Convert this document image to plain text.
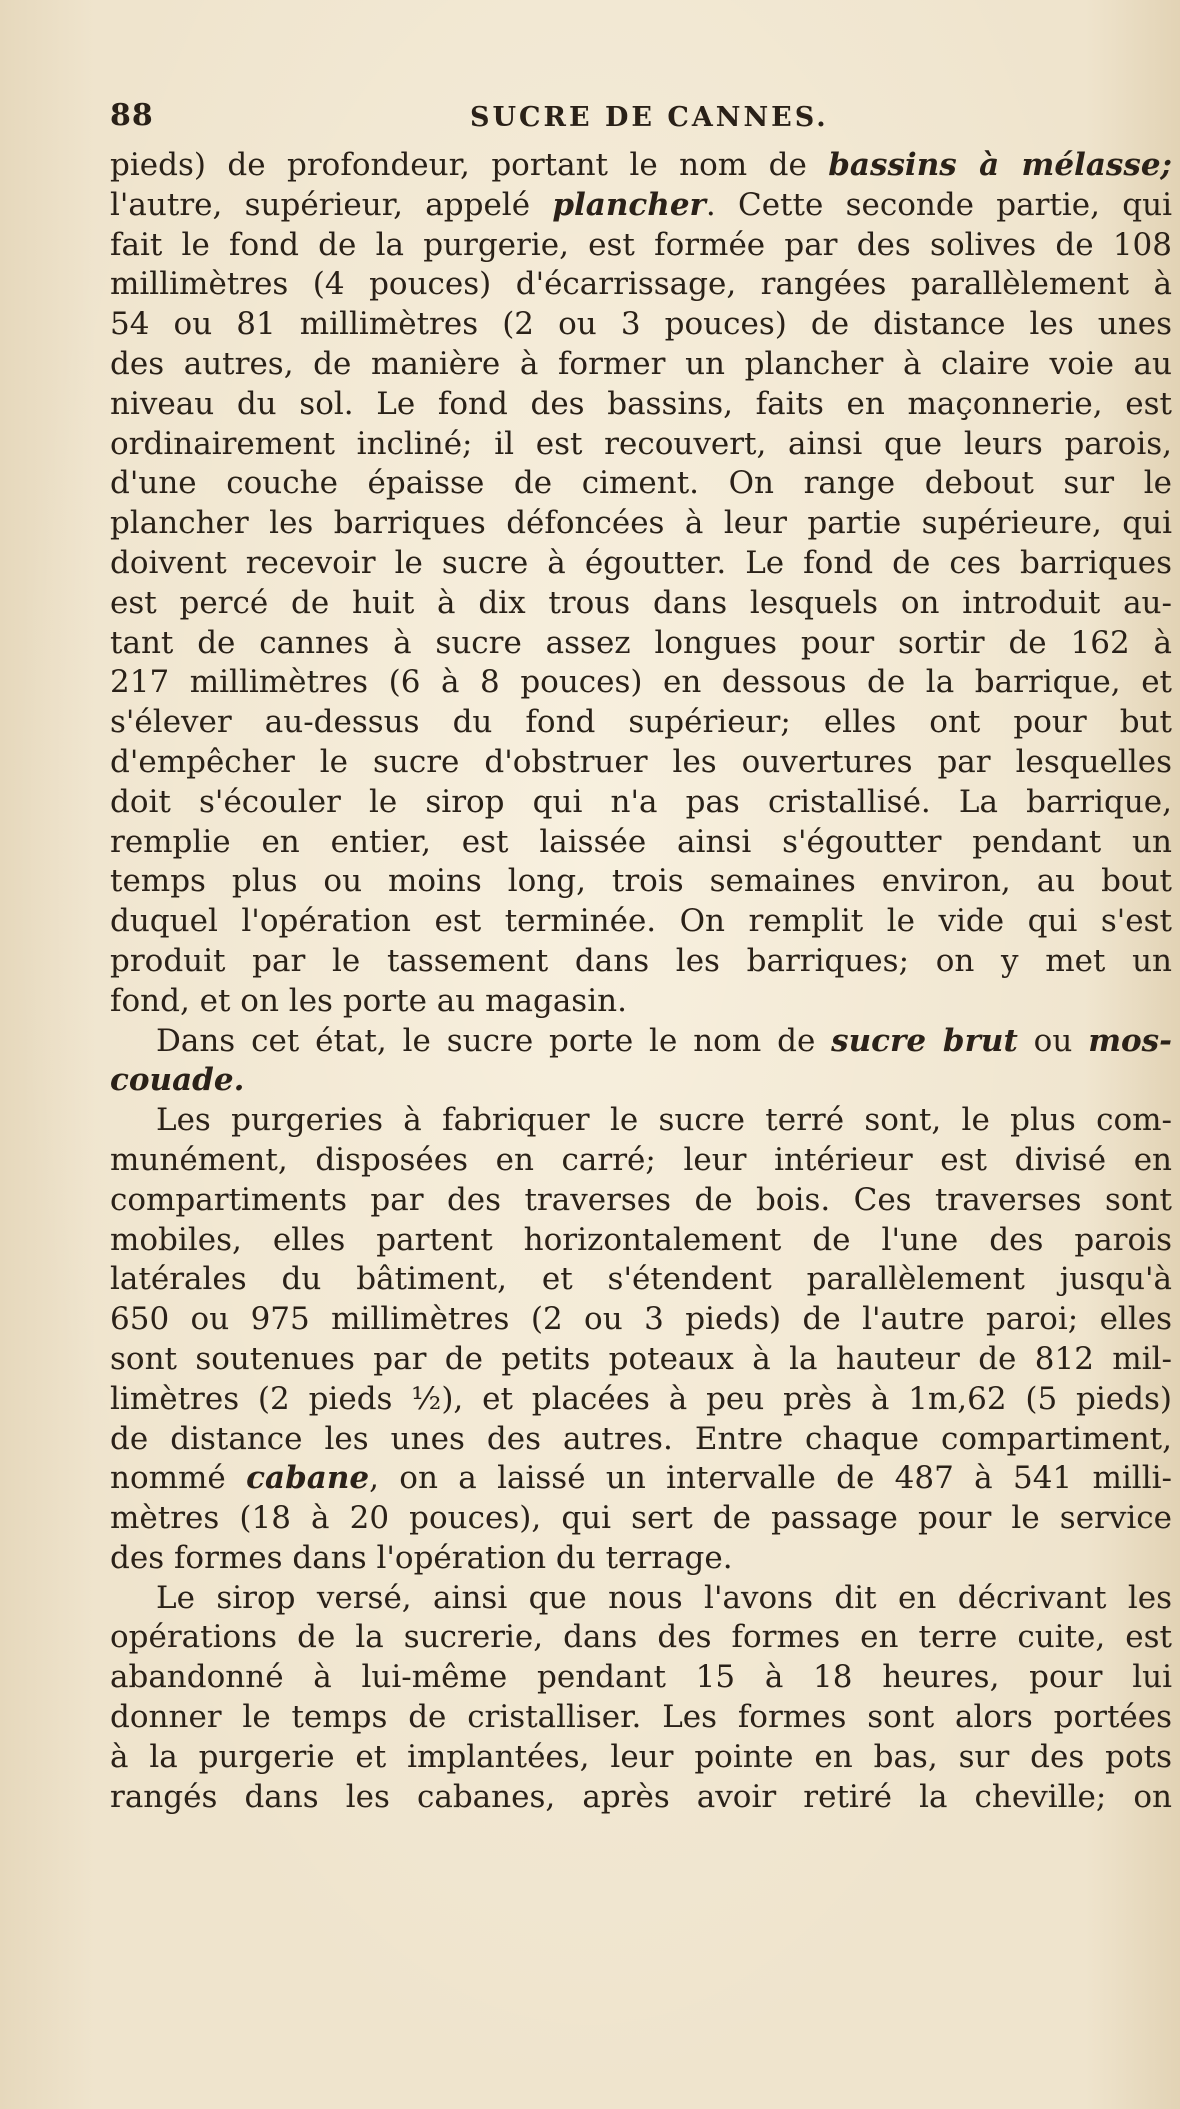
88	SUCRE DE CANNES.
pieds) de profondeur, portant le nom de bassins à mélasse;
l'autre, supérieur, appelé plancher. Cette seconde partie, qui
fait le fond de la purgerie, est formée par des solives de 108
millimètres (4 pouces) d'écarrissage, rangées parallèlement à
54 ou 81 millimètres (2 ou 3 pouces) de distance les unes
des autres, de manière à former un plancher à claire voie au
niveau du sol. Le fond des bassins, faits en maçonnerie, est
ordinairement incliné; il est recouvert, ainsi que leurs parois,
d'une couche épaisse de ciment. On range debout sur le
plancher les barriques défoncées à leur partie supérieure, qui
doivent recevoir le sucre à égoutter. Le fond de ces barriques
est percé de huit à dix trous dans lesquels on introduit au-
tant de cannes à sucre assez longues pour sortir de 162 à
217 millimètres (6 à 8 pouces) en dessous de la barrique, et
s'élever au-dessus du fond supérieur; elles ont pour but
d'empêcher le sucre d'obstruer les ouvertures par lesquelles
doit s'écouler le sirop qui n'a pas cristallisé. La barrique,
remplie en entier, est laissée ainsi s'égoutter pendant un
temps plus ou moins long, trois semaines environ, au bout
duquel l'opération est terminée. On remplit le vide qui s'est
produit par le tassement dans les barriques; on y met un
fond, et on les porte au magasin.
Dans cet état, le sucre porte le nom de sucre brut ou mos-
couade.
Les purgeries à fabriquer le sucre terré sont, le plus com-
munément, disposées en carré; leur intérieur est divisé en
compartiments par des traverses de bois. Ces traverses sont
mobiles, elles partent horizontalement de l'une des parois
latérales du bâtiment, et s'étendent parallèlement jusqu'à
650 ou 975 millimètres (2 ou 3 pieds) de l'autre paroi; elles
sont soutenues par de petits poteaux à la hauteur de 812 mil-
limètres (2 pieds ½), et placées à peu près à 1m,62 (5 pieds)
de distance les unes des autres. Entre chaque compartiment,
nommé cabane, on a laissé un intervalle de 487 à 541 milli-
mètres (18 à 20 pouces), qui sert de passage pour le service
des formes dans l'opération du terrage.
Le sirop versé, ainsi que nous l'avons dit en décrivant les
opérations de la sucrerie, dans des formes en terre cuite, est
abandonné à lui-même pendant 15 à 18 heures, pour lui
donner le temps de cristalliser. Les formes sont alors portées
à la purgerie et implantées, leur pointe en bas, sur des pots
rangés dans les cabanes, après avoir retiré la cheville; on
